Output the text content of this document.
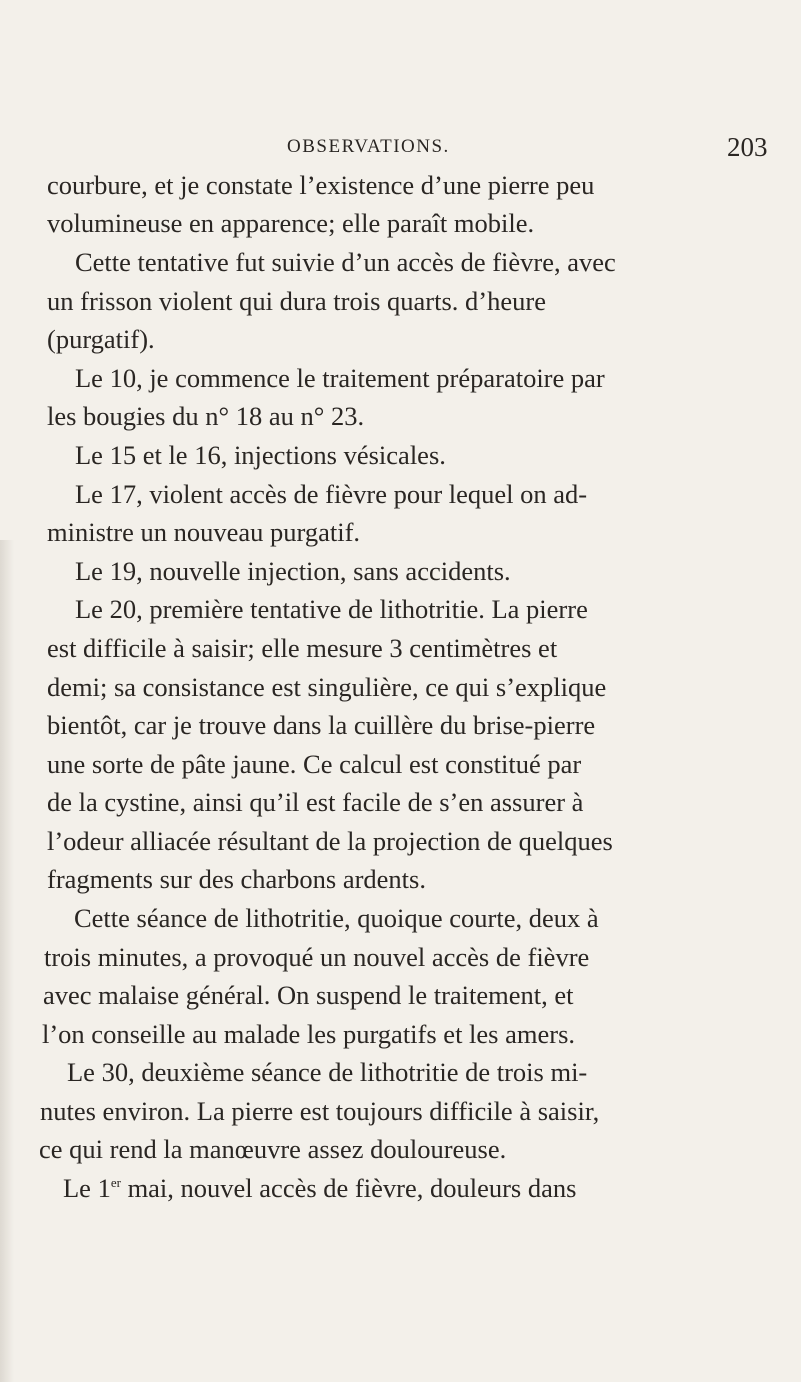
OBSERVATIONS.	203
courbure, et je constate l’existence d’une pierre peu
volumineuse en apparence; elle paraît mobile.
Cette tentative fut suivie d’un accès de fièvre, avec
un frisson violent qui dura trois quarts. d’heure
(purgatif).
Le 10, je commence le traitement préparatoire par
les bougies du n° 18 au n° 23.
Le 15 et le 16, injections vésicales.
Le 17, violent accès de fièvre pour lequel on ad-
ministre un nouveau purgatif.
Le 19, nouvelle injection, sans accidents.
Le 20, première tentative de lithotritie. La pierre
est difficile à saisir; elle mesure 3 centimètres et
demi; sa consistance est singulière, ce qui s’explique
bientôt, car je trouve dans la cuillère du brise-pierre
une sorte de pâte jaune. Ce calcul est constitué par
de la cystine, ainsi qu’il est facile de s’en assurer à
l’odeur alliacée résultant de la projection de quelques
fragments sur des charbons ardents.
Cette séance de lithotritie, quoique courte, deux à
trois minutes, a provoqué un nouvel accès de fièvre
avec malaise général. On suspend le traitement, et
l’on conseille au malade les purgatifs et les amers.
Le 30, deuxième séance de lithotritie de trois mi-
nutes environ. La pierre est toujours difficile à saisir,
ce qui rend la manœuvre assez douloureuse.
Le 1er mai, nouvel accès de fièvre, douleurs dans
